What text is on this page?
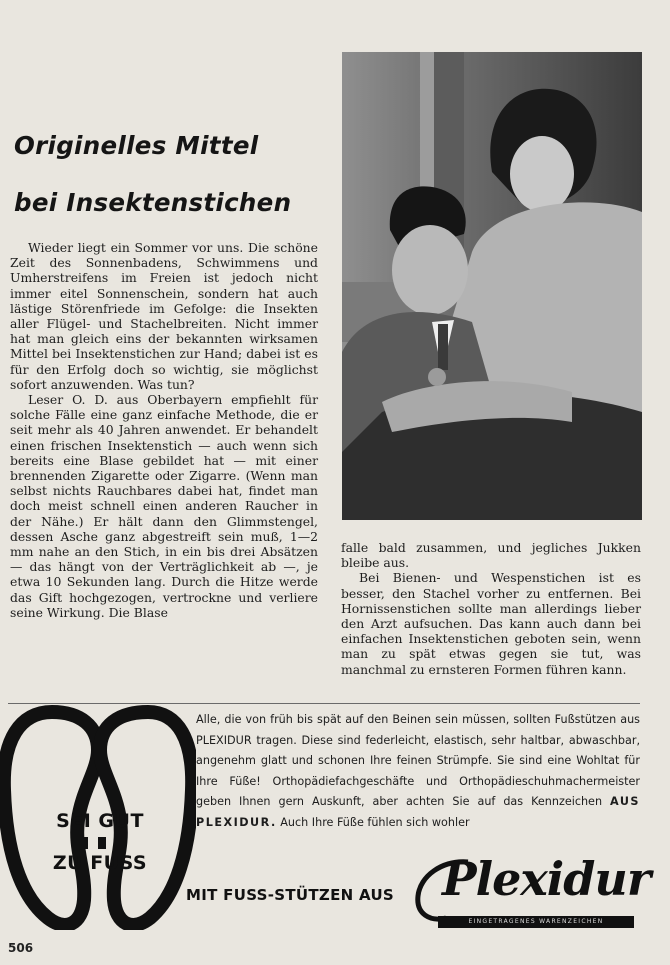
Originelles Mittel
bei Insektenstichen

Wieder liegt ein Sommer vor uns. Die schöne Zeit des Sonnenbadens, Schwimmens und Umherstreifens im Freien ist jedoch nicht immer eitel Sonnenschein, sondern hat auch lästige Störenfriede im Gefolge: die Insekten aller Flügel- und Stachelbreiten. Nicht immer hat man gleich eins der bekannten wirksamen Mittel bei Insektenstichen zur Hand; dabei ist es für den Erfolg doch so wichtig, sie möglichst sofort anzuwenden. Was tun?

Leser O. D. aus Oberbayern empfiehlt für solche Fälle eine ganz einfache Methode, die er seit mehr als 40 Jahren anwendet. Er behandelt einen frischen Insektenstich — auch wenn sich bereits eine Blase gebildet hat — mit einer brennenden Zigarette oder Zigarre. (Wenn man selbst nichts Rauchbares dabei hat, findet man doch meist schnell einen anderen Raucher in der Nähe.) Er hält dann den Glimmstengel, dessen Asche ganz abgestreift sein muß, 1—2 mm nahe an den Stich, in ein bis drei Absätzen — das hängt von der Verträglichkeit ab —, je etwa 10 Sekunden lang. Durch die Hitze werde das Gift hochgezogen, vertrockne und verliere seine Wirkung. Die Blase

falle bald zusammen, und jegliches Jukken bleibe aus.

Bei Bienen- und Wespenstichen ist es besser, den Stachel vorher zu entfernen. Bei Hornissenstichen sollte man allerdings lieber den Arzt aufsuchen. Das kann auch dann bei einfachen Insektenstichen geboten sein, wenn man zu spät etwas gegen sie tut, was manchmal zu ernsteren Formen führen kann.

SEI GUT
ZU FUSS
Alle, die von früh bis spät auf den Beinen sein müssen, sollten Fußstützen aus PLEXIDUR tragen. Diese sind federleicht, elastisch, sehr haltbar, abwaschbar, angenehm glatt und schonen Ihre feinen Strümpfe. Sie sind eine Wohltat für Ihre Füße! Orthopädiefachgeschäfte und Orthopädieschuhmachermeister geben Ihnen gern Auskunft, aber achten Sie auf das Kennzeichen AUS PLEXIDUR. Auch Ihre Füße fühlen sich wohler
MIT FUSS-STÜTZEN AUS Plexidur
EINGETRAGENES WARENZEICHEN
506
